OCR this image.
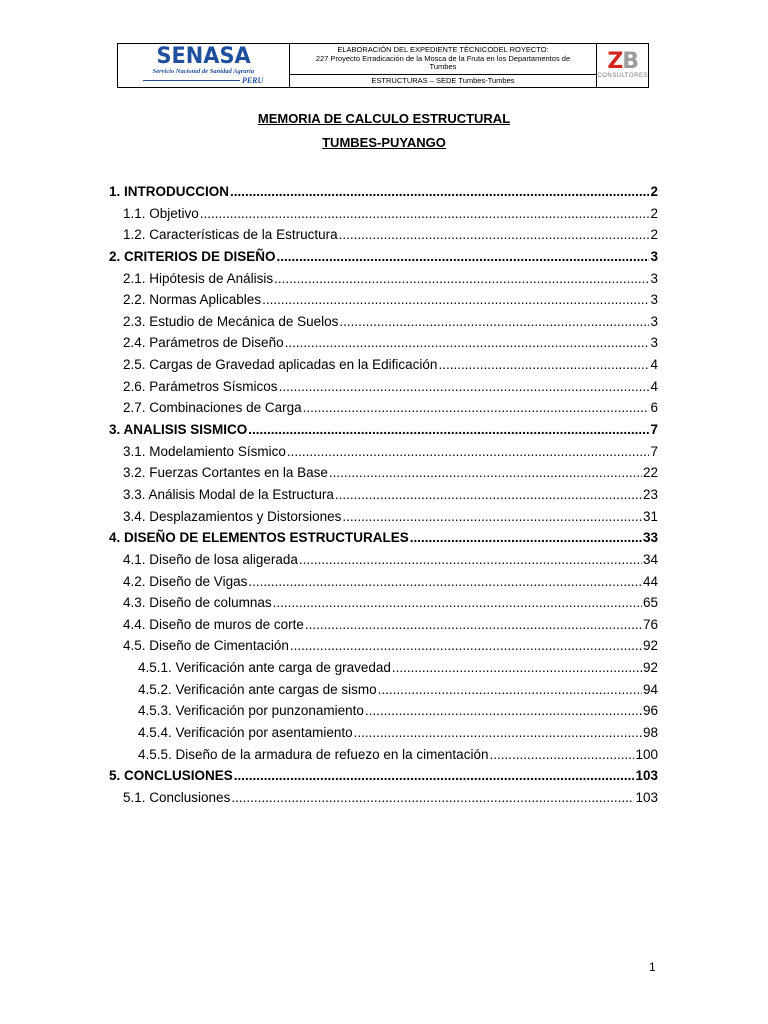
SENASA
Servicio Nacional de Sanidad Agraria
PERU
ELABORACIÓN DEL EXPEDIENTE TÉCNICODEL ROYECTO:
227 Proyecto Erradicación de la Mosca de la Fruta en los Departamentos de
Tumbes
ESTRUCTURAS – SEDE Tumbes-Tumbes
ZB
CONSULTORES
MEMORIA DE CALCULO ESTRUCTURAL
TUMBES-PUYANGO
1. INTRODUCCION .....	2
1.1. Objetivo .....	2
1.2. Características de la Estructura .....	2
2. CRITERIOS DE DISEÑO .....	3
2.1. Hipótesis de Análisis .....	3
2.2. Normas Aplicables .....	3
2.3. Estudio de Mecánica de Suelos .....	3
2.4. Parámetros de Diseño .....	3
2.5. Cargas de Gravedad aplicadas en la Edificación .....	4
2.6. Parámetros Sísmicos .....	4
2.7. Combinaciones de Carga .....	6
3. ANALISIS SISMICO .....	7
3.1. Modelamiento Sísmico .....	7
3.2. Fuerzas Cortantes en la Base .....	22
3.3. Análisis Modal de la Estructura .....	23
3.4. Desplazamientos y Distorsiones .....	31
4. DISEÑO DE ELEMENTOS ESTRUCTURALES .....	33
4.1. Diseño de losa aligerada .....	34
4.2. Diseño de Vigas .....	44
4.3. Diseño de columnas .....	65
4.4. Diseño de muros de corte .....	76
4.5. Diseño de Cimentación .....	92
4.5.1. Verificación ante carga de gravedad .....	92
4.5.2. Verificación ante cargas de sismo .....	94
4.5.3. Verificación por punzonamiento .....	96
4.5.4. Verificación por asentamiento .....	98
4.5.5. Diseño de la armadura de refuezo en la cimentación .....	100
5. CONCLUSIONES .....	103
5.1. Conclusiones .....	103
1
